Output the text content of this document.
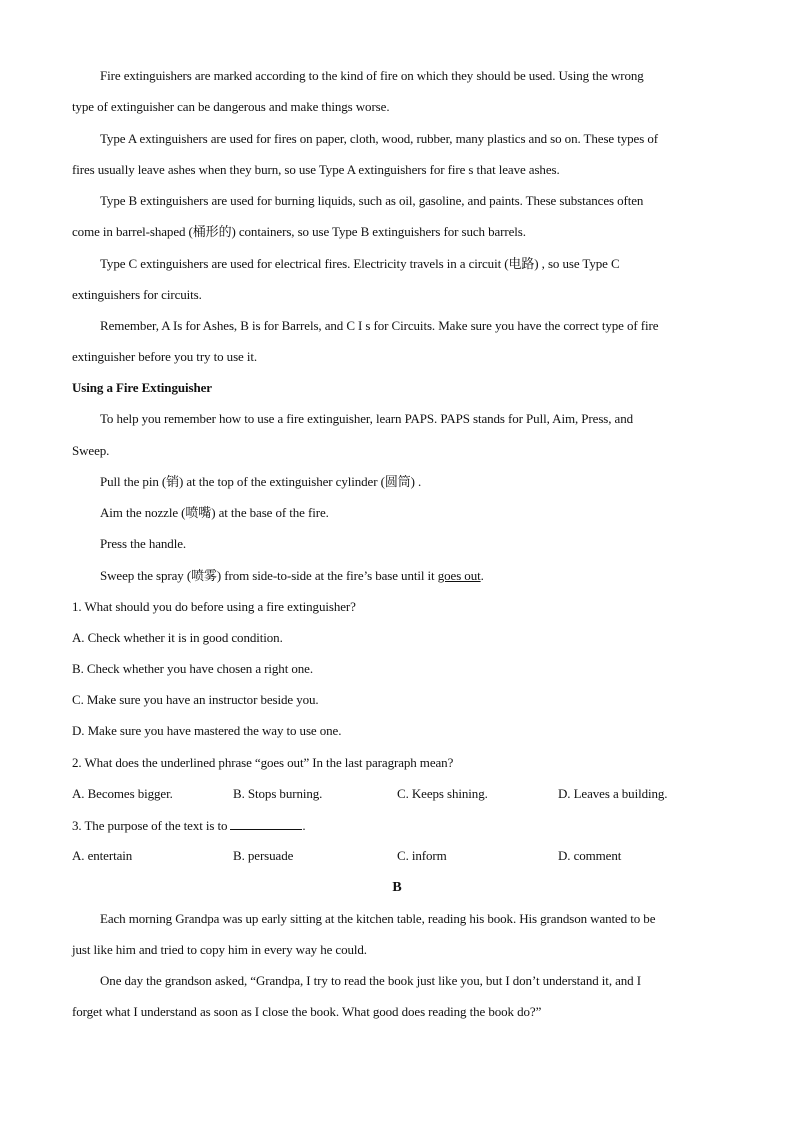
Fire extinguishers are marked according to the kind of fire on which they should be used. Using the wrong
type of extinguisher can be dangerous and make things worse.
Type A extinguishers are used for fires on paper, cloth, wood, rubber, many plastics and so on. These types of
fires usually leave ashes when they burn, so use Type A extinguishers for fire s that leave ashes.
Type B extinguishers are used for burning liquids, such as oil, gasoline, and paints. These substances often
come in barrel-shaped (桶形的) containers, so use Type B extinguishers for such barrels.
Type C extinguishers are used for electrical fires. Electricity travels in a circuit (电路) , so use Type C
extinguishers for circuits.
Remember, A Is for Ashes, B is for Barrels, and C I s for Circuits. Make sure you have the correct type of fire
extinguisher before you try to use it.
Using a Fire Extinguisher
To help you remember how to use a fire extinguisher, learn PAPS. PAPS stands for Pull, Aim, Press, and
Sweep.
Pull the pin (销) at the top of the extinguisher cylinder (圆筒) .
Aim the nozzle (喷嘴) at the base of the fire.
Press the handle.
Sweep the spray (喷雾) from side-to-side at the fire’s base until it goes out.
1. What should you do before using a fire extinguisher?
A. Check whether it is in good condition.
B. Check whether you have chosen a right one.
C. Make sure you have an instructor beside you.
D. Make sure you have mastered the way to use one.
2. What does the underlined phrase “goes out” In the last paragraph mean?
A. Becomes bigger.	B. Stops burning.	C. Keeps shining.	D. Leaves a building.
3. The purpose of the text is to	.
A. entertain	B. persuade	C. inform	D. comment
B
Each morning Grandpa was up early sitting at the kitchen table, reading his book. His grandson wanted to be
just like him and tried to copy him in every way he could.
One day the grandson asked, “Grandpa, I try to read the book just like you, but I don’t understand it, and I
forget what I understand as soon as I close the book. What good does reading the book do?”
